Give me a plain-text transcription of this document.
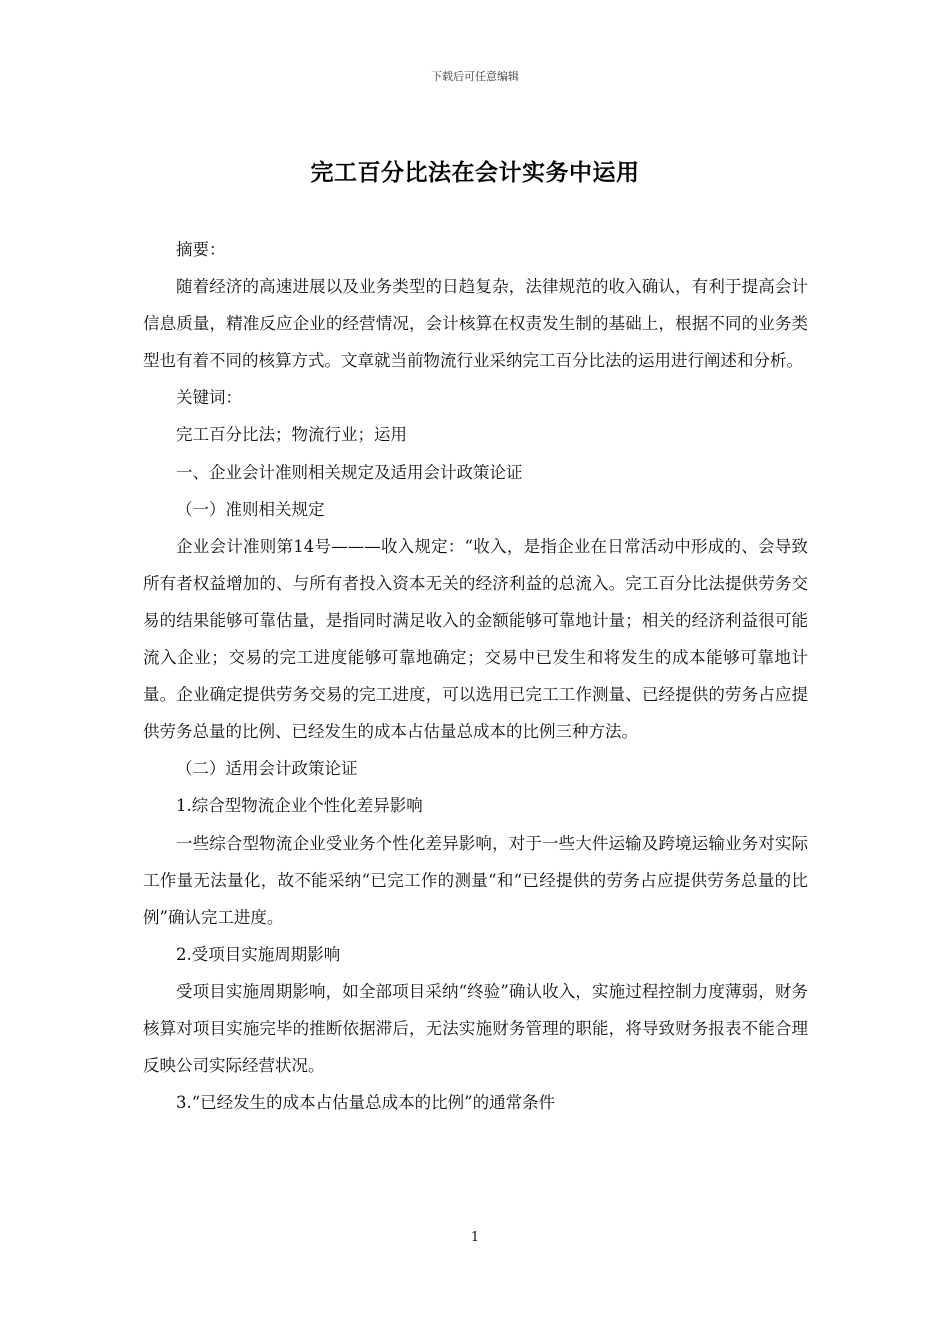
下载后可任意编辑
完工百分比法在会计实务中运用

摘要：

随着经济的高速进展以及业务类型的日趋复杂，法律规范的收入确认，有利于提高会计信息质量，精准反应企业的经营情况，会计核算在权责发生制的基础上，根据不同的业务类型也有着不同的核算方式。文章就当前物流行业采纳完工百分比法的运用进行阐述和分析。

关键词：

完工百分比法；物流行业；运用

一、企业会计准则相关规定及适用会计政策论证

（一）准则相关规定

企业会计准则第14号———收入规定：“收入，是指企业在日常活动中形成的、会导致所有者权益增加的、与所有者投入资本无关的经济利益的总流入。完工百分比法提供劳务交易的结果能够可靠估量，是指同时满足收入的金额能够可靠地计量；相关的经济利益很可能流入企业；交易的完工进度能够可靠地确定；交易中已发生和将发生的成本能够可靠地计量。企业确定提供劳务交易的完工进度，可以选用已完工工作测量、已经提供的劳务占应提供劳务总量的比例、已经发生的成本占估量总成本的比例三种方法。

（二）适用会计政策论证

1.综合型物流企业个性化差异影响

一些综合型物流企业受业务个性化差异影响，对于一些大件运输及跨境运输业务对实际工作量无法量化，故不能采纳“已完工作的测量“和“已经提供的劳务占应提供劳务总量的比例”确认完工进度。

2.受项目实施周期影响

受项目实施周期影响，如全部项目采纳“终验”确认收入，实施过程控制力度薄弱，财务核算对项目实施完毕的推断依据滞后，无法实施财务管理的职能，将导致财务报表不能合理反映公司实际经营状况。

3.“已经发生的成本占估量总成本的比例”的通常条件

1
